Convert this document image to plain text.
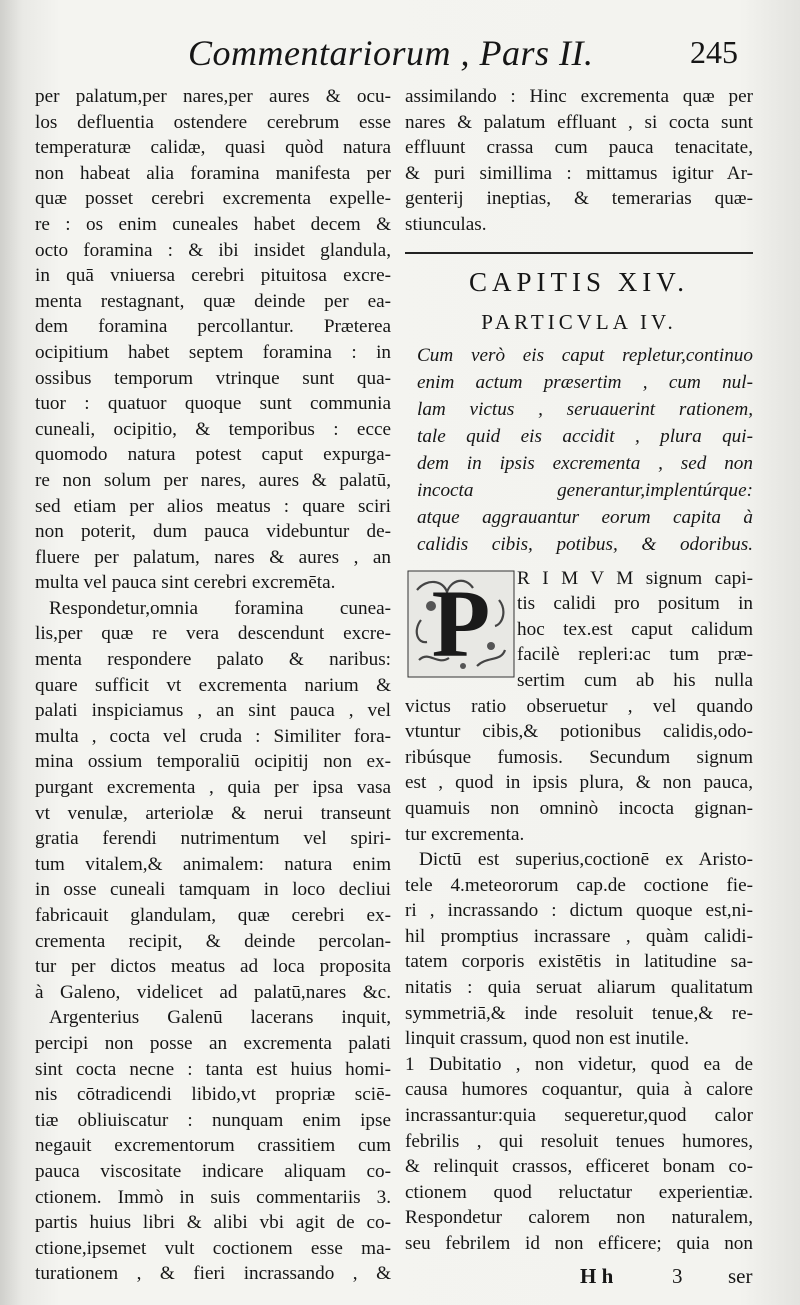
Commentariorum , Pars II.	245
per palatum,per nares,per aures & ocu-
los defluentia ostendere cerebrum esse
temperaturæ calidæ, quasi quòd natura
non habeat alia foramina manifesta per
quæ posset cerebri excrementa expelle-
re : os enim cuneales habet decem &
octo foramina : & ibi insidet glandula,
in quā vniuersa cerebri pituitosa excre-
menta restagnant, quæ deinde per ea-
dem foramina percollantur. Præterea
ocipitium habet septem foramina : in
ossibus temporum vtrinque sunt qua-
tuor : quatuor quoque sunt communia
cuneali, ocipitio, & temporibus : ecce
quomodo natura potest caput expurga-
re non solum per nares, aures & palatū,
sed etiam per alios meatus : quare sciri
non poterit, dum pauca videbuntur de-
fluere per palatum, nares & aures , an
multa vel pauca sint cerebri excremēta.
Respondetur,omnia foramina cunea-
lis,per quæ re vera descendunt excre-
menta respondere palato & naribus:
quare sufficit vt excrementa narium &
palati inspiciamus , an sint pauca , vel
multa , cocta vel cruda : Similiter fora-
mina ossium temporaliū ocipitij non ex-
purgant excrementa , quia per ipsa vasa
vt venulæ, arteriolæ & nerui transeunt
gratia ferendi nutrimentum vel spiri-
tum vitalem,& animalem: natura enim
in osse cuneali tamquam in loco decliui
fabricauit glandulam, quæ cerebri ex-
crementa recipit, & deinde percolan-
tur per dictos meatus ad loca proposita
à Galeno, videlicet ad palatū,nares &c.
Argenterius Galenū lacerans inquit,
percipi non posse an excrementa palati
sint cocta necne : tanta est huius homi-
nis cōtradicendi libido,vt propriæ sciē-
tiæ obliuiscatur : nunquam enim ipse
negauit excrementorum crassitiem cum
pauca viscositate indicare aliquam co-
ctionem. Immò in suis commentariis 3.
partis huius libri & alibi vbi agit de co-
ctione,ipsemet vult coctionem esse ma-
turationem , & fieri incrassando , &
assimilando : Hinc excrementa quæ per
nares & palatum effluant , si cocta sunt
effluunt crassa cum pauca tenacitate,
& puri simillima : mittamus igitur Ar-
genterij ineptias, & temerarias quæ-
stiunculas.
CAPITIS XIV.
PARTICVLA IV.
Cum verò eis caput repletur,continuo
enim actum præsertim , cum nul-
lam victus , seruauerint rationem,
tale quid eis accidit , plura qui-
dem in ipsis excrementa , sed non
incocta generantur,implentúrque:
atque aggrauantur eorum capita à
calidis cibis, potibus, & odoribus.
P	R I M V M signum capi-
tis calidi pro positum in
hoc tex.est caput calidum
facilè repleri:ac tum præ-
sertim cum ab his nulla
victus ratio obseruetur , vel quando
vtuntur cibis,& potionibus calidis,odo-
ribúsque fumosis. Secundum signum
est , quod in ipsis plura, & non pauca,
quamuis non omninò incocta gignan-
tur excrementa.
Dictū est superius,coctionē ex Aristo-
tele 4.meteororum cap.de coctione fie-
ri , incrassando : dictum quoque est,ni-
hil promptius incrassare , quàm calidi-
tatem corporis existētis in latitudine sa-
nitatis : quia seruat aliarum qualitatum
symmetriā,& inde resoluit tenue,& re-
linquit crassum, quod non est inutile.
1 Dubitatio , non videtur, quod ea de
causa humores coquantur, quia à calore
incrassantur:quia sequeretur,quod calor
febrilis , qui resoluit tenues humores,
& relinquit crassos, efficeret bonam co-
ctionem quod reluctatur experientiæ.
Respondetur calorem non naturalem,
seu febrilem id non efficere; quia non
H h	3 ser
